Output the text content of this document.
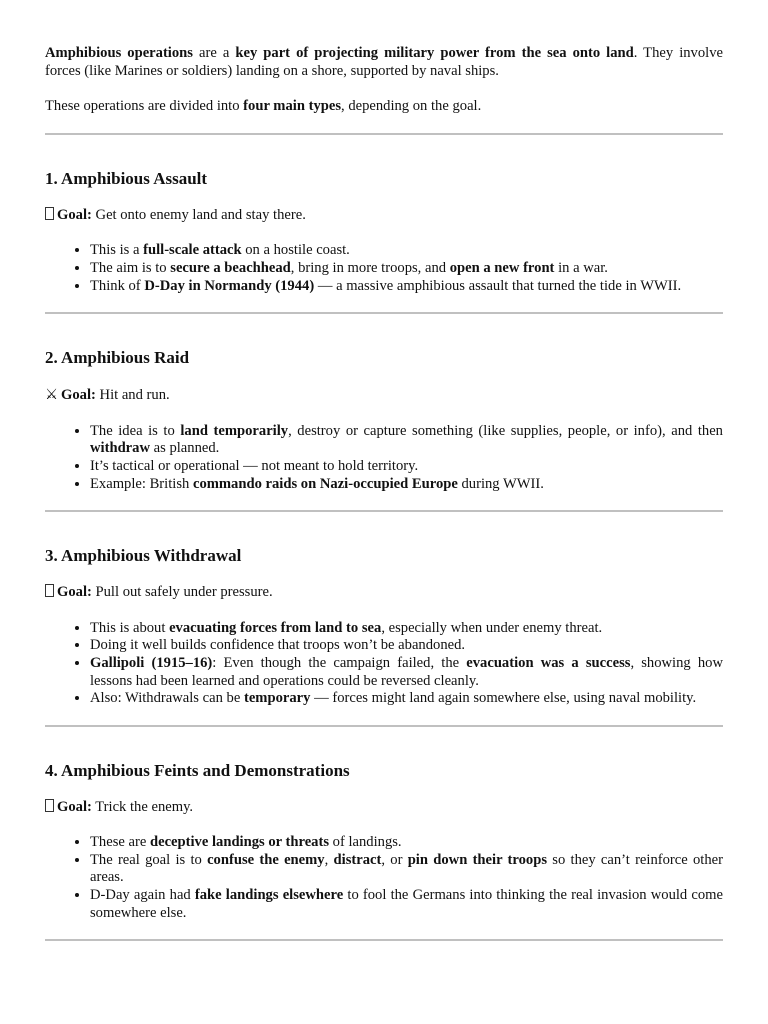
Amphibious operations are a key part of projecting military power from the sea onto land. They involve forces (like Marines or soldiers) landing on a shore, supported by naval ships.

These operations are divided into four main types, depending on the goal.

1. Amphibious Assault

Goal: Get onto enemy land and stay there.

• This is a full-scale attack on a hostile coast.
• The aim is to secure a beachhead, bring in more troops, and open a new front in a war.
• Think of D-Day in Normandy (1944) — a massive amphibious assault that turned the tide in WWII.
2. Amphibious Raid

⚔ Goal: Hit and run.

• The idea is to land temporarily, destroy or capture something (like supplies, people, or info), and then withdraw as planned.
• It’s tactical or operational — not meant to hold territory.
• Example: British commando raids on Nazi-occupied Europe during WWII.
3. Amphibious Withdrawal

Goal: Pull out safely under pressure.

• This is about evacuating forces from land to sea, especially when under enemy threat.
• Doing it well builds confidence that troops won’t be abandoned.
• Gallipoli (1915–16): Even though the campaign failed, the evacuation was a success, showing how lessons had been learned and operations could be reversed cleanly.
• Also: Withdrawals can be temporary — forces might land again somewhere else, using naval mobility.
4. Amphibious Feints and Demonstrations

Goal: Trick the enemy.

• These are deceptive landings or threats of landings.
• The real goal is to confuse the enemy, distract, or pin down their troops so they can’t reinforce other areas.
• D-Day again had fake landings elsewhere to fool the Germans into thinking the real invasion would come somewhere else.
